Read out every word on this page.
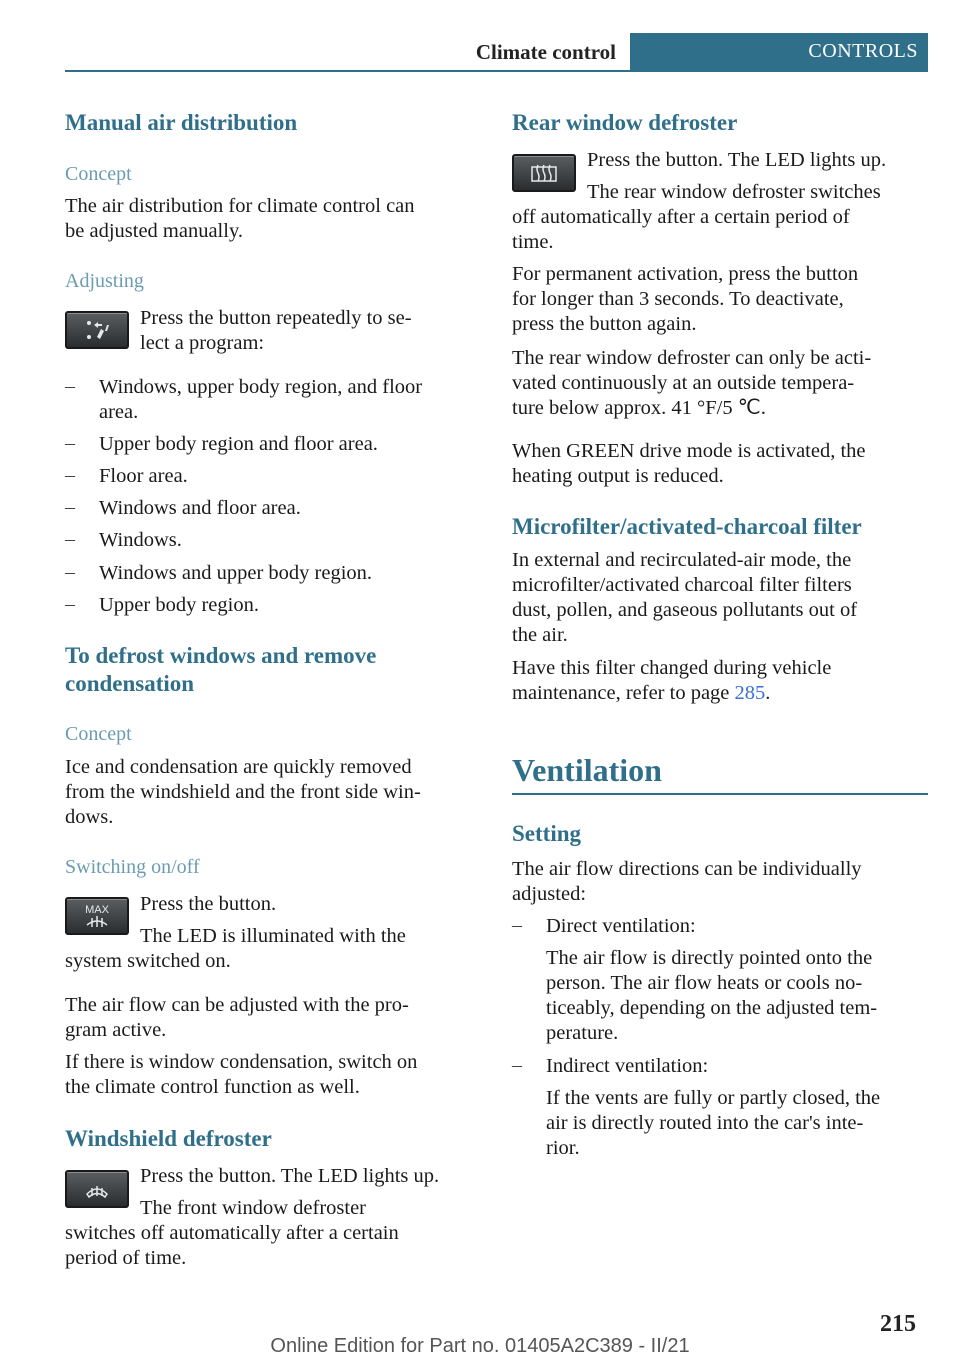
Climate control	CONTROLS
Manual air distribution
Concept
The air distribution for climate control can
be adjusted manually.
Adjusting
Press the button repeatedly to se-
lect a program:
– Windows, upper body region, and floor
area.
– Upper body region and floor area.
– Floor area.
– Windows and floor area.
– Windows.
– Windows and upper body region.
– Upper body region.
To defrost windows and remove
condensation
Concept
Ice and condensation are quickly removed
from the windshield and the front side win-
dows.
Switching on/off
MAX Press the button.
The LED is illuminated with the
system switched on.
The air flow can be adjusted with the pro-
gram active.
If there is window condensation, switch on
the climate control function as well.
Windshield defroster
Press the button. The LED lights up.
The front window defroster
switches off automatically after a certain
period of time.
Rear window defroster
Press the button. The LED lights up.
The rear window defroster switches
off automatically after a certain period of
time.
For permanent activation, press the button
for longer than 3 seconds. To deactivate,
press the button again.
The rear window defroster can only be acti-
vated continuously at an outside tempera-
ture below approx. 41 °F/5 ℃.
When GREEN drive mode is activated, the
heating output is reduced.
Microfilter/activated-charcoal filter
In external and recirculated-air mode, the
microfilter/activated charcoal filter filters
dust, pollen, and gaseous pollutants out of
the air.
Have this filter changed during vehicle
maintenance, refer to page 285.
Ventilation
Setting
The air flow directions can be individually
adjusted:
– Direct ventilation:
The air flow is directly pointed onto the
person. The air flow heats or cools no-
ticeably, depending on the adjusted tem-
perature.
– Indirect ventilation:
If the vents are fully or partly closed, the
air is directly routed into the car's inte-
rior.
215
Online Edition for Part no. 01405A2C389 - II/21
